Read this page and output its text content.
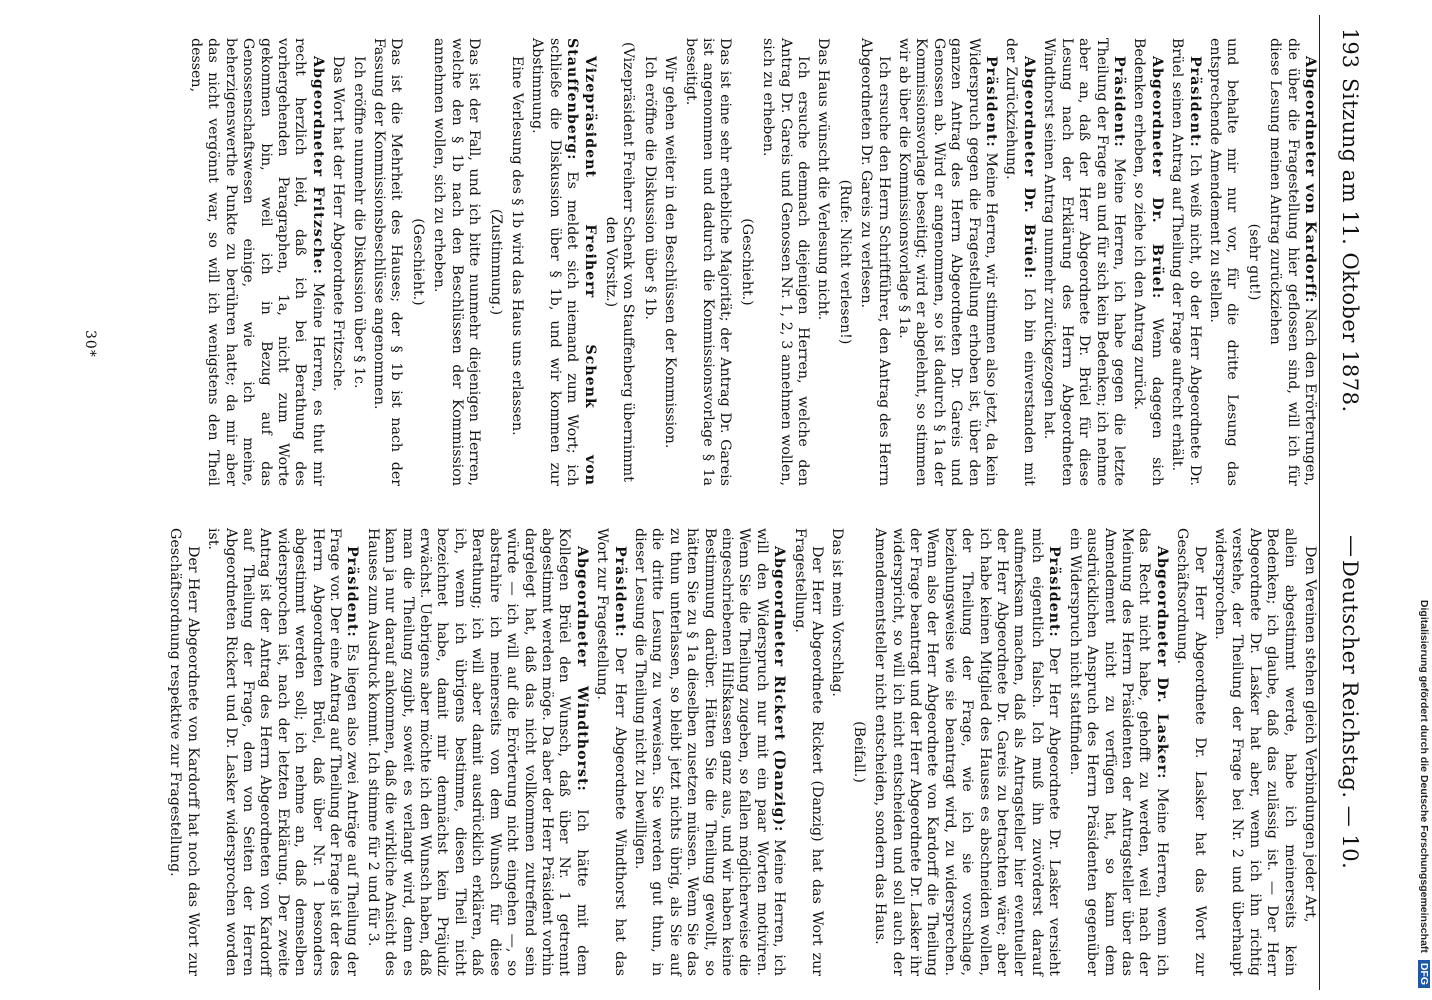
193
Sitzung am 11. Oktober 1878.
—
Deutscher Reichstag. — 10.

Abgeordneter von Kardorff: Nach den Erörterungen, die über die Fragestellung hier geflossen sind, will ich für diese Lesung meinen Antrag zurückziehen

(sehr gut!)

und behalte mir nur vor, für die dritte Lesung das entsprechende Amendement zu stellen.

Präsident: Ich weiß nicht, ob der Herr Abgeordnete Dr. Brüel seinen Antrag auf Theilung der Frage aufrecht erhält.

Abgeordneter Dr. Brüel: Wenn dagegen sich Bedenken erheben, so ziehe ich den Antrag zurück.

Präsident: Meine Herren, ich habe gegen die letzte Theilung der Frage an und für sich kein Bedenken; ich nehme aber an, daß der Herr Abgeordnete Dr. Brüel für diese Lesung nach der Erklärung des Herrn Abgeordneten Windthorst seinen Antrag nunmehr zurückgezogen hat.

Abgeordneter Dr. Brüel: Ich bin einverstanden mit der Zurückziehung.

Präsident: Meine Herren, wir stimmen also jetzt, da kein Widerspruch gegen die Fragestellung erhoben ist, über den ganzen Antrag des Herrn Abgeordneten Dr. Gareis und Genossen ab. Wird er angenommen, so ist dadurch § 1a der Kommissionsvorlage beseitigt; wird er abgelehnt, so stimmen wir ab über die Kommissionsvorlage § 1a.

Ich ersuche den Herrn Schriftführer, den Antrag des Herrn Abgeordneten Dr. Gareis zu verlesen.

(Rufe: Nicht verlesen!)

Das Haus wünscht die Verlesung nicht.

Ich ersuche demnach diejenigen Herren, welche den Antrag Dr. Gareis und Genossen Nr. 1, 2, 3 annehmen wollen, sich zu erheben.

(Geschieht.)

Das ist eine sehr erhebliche Majorität; der Antrag Dr. Gareis ist angenommen und dadurch die Kommissionsvorlage § 1a beseitigt.

Wir gehen weiter in den Beschlüssen der Kommission.

Ich eröffne die Diskussion über § 1b.

(Vizepräsident Freiherr Schenk von Stauffenberg übernimmt den Vorsitz.)

Vizepräsident Freiherr Schenk von Stauffenberg: Es meldet sich niemand zum Wort; ich schließe die Diskussion über § 1b, und wir kommen zur Abstimmung.

Eine Verlesung des § 1b wird das Haus uns erlassen.

(Zustimmung.)

Das ist der Fall, und ich bitte nunmehr diejenigen Herren, welche den § 1b nach den Beschlüssen der Kommission annehmen wollen, sich zu erheben.

(Geschieht.)

Das ist die Mehrheit des Hauses; der § 1b ist nach der Fassung der Kommissionsbeschlüsse angenommen.

Ich eröffne nunmehr die Diskussion über § 1c.

Das Wort hat der Herr Abgeordnete Fritzsche.

Abgeordneter Fritzsche: Meine Herren, es thut mir recht herzlich leid, daß ich bei Berathung des vorhergehenden Paragraphen, 1a, nicht zum Worte gekommen bin, weil ich in Bezug auf das Genossenschaftswesen einige, wie ich meine, beherzigenswerthe Punkte zu berühren hatte; da mir aber das nicht vergönnt war, so will ich wenigstens den Theil dessen,

Den Vereinen stehen gleich Verbindungen jeder Art,

allein abgestimmt werde, habe ich meinerseits kein Bedenken; ich glaube, daß das zulässig ist. — Der Herr Abgeordnete Dr. Lasker hat aber, wenn ich ihn richtig verstehe, der Theilung der Frage bei Nr. 2 und überhaupt widersprochen.

Der Herr Abgeordnete Dr. Lasker hat das Wort zur Geschäftsordnung.

Abgeordneter Dr. Lasker: Meine Herren, wenn ich das Recht nicht habe, gehofft zu werden, weil nach der Meinung des Herrn Präsidenten der Antragsteller über das Amendement nicht zu verfügen hat, so kann dem ausdrücklichen Anspruch des Herrn Präsidenten gegenüber ein Widerspruch nicht stattfinden.

Präsident: Der Herr Abgeordnete Dr. Lasker versieht mich eigentlich falsch. Ich muß ihn zuvörderst darauf aufmerksam machen, daß als Antragsteller hier eventueller der Herr Abgeordnete Dr. Gareis zu betrachten wäre; aber ich habe keinen Mitglied des Hauses es abschneiden wollen, der Theilung der Frage, wie ich sie vorschlage, beziehungsweise wie sie beantragt wird, zu widersprechen. Wenn also der Herr Abgeordnete von Kardorff die Theilung der Frage beantragt und der Herr Abgeordnete Dr. Lasker ihr widerspricht, so will ich nicht entscheiden und soll auch der Amendementsteller nicht entscheiden, sondern das Haus.

(Beifall.)

Das ist mein Vorschlag.

Der Herr Abgeordnete Rickert (Danzig) hat das Wort zur Fragestellung.

Abgeordneter Rickert (Danzig): Meine Herren, ich will den Widerspruch nur mit ein paar Worten motiviren. Wenn Sie die Theilung zugeben, so fallen möglicherweise die eingeschriebenen Hilfskassen ganz aus, und wir haben keine Bestimmung darüber. Hätten Sie die Theilung gewollt, so hätten Sie zu § 1a dieselben zusetzen müssen. Wenn Sie das zu thun unterlassen, so bleibt jetzt nichts übrig, als Sie auf die dritte Lesung zu verweisen. Sie werden gut thun, in dieser Lesung die Theilung nicht zu bewilligen.

Präsident: Der Herr Abgeordnete Windthorst hat das Wort zur Fragestellung.

Abgeordneter Windthorst: Ich hätte mit dem Kollegen Brüel den Wunsch, daß über Nr. 1 getrennt abgestimmt werden möge. Da aber der Herr Präsident vorhin dargelegt hat, daß das nicht vollkommen zutreffend sein würde — ich will auf die Erörterung nicht eingehen —, so abstrahire ich meinerseits von dem Wunsch für diese Berathung; ich will aber damit ausdrücklich erklären, daß ich, wenn ich übrigens bestimme, diesen Theil nicht bezeichnet habe, damit mir demnächst kein Präjudiz erwächst. Uebrigens aber möchte ich den Wunsch haben, daß man die Theilung zugibt, soweit es verlangt wird, denn es kann ja nur darauf ankommen, daß die wirkliche Ansicht des Hauses zum Ausdruck kommt. Ich stimme für 2 und für 3.

Präsident: Es liegen also zwei Anträge auf Theilung der Frage vor. Der eine Antrag auf Theilung der Frage ist der des Herrn Abgeordneten Brüel, daß über Nr. 1 besonders abgestimmt werden soll; ich nehme an, daß demselben widersprochen ist, nach der letzten Erklärung. Der zweite Antrag ist der Antrag des Herrn Abgeordneten von Kardorff auf Theilung der Frage, dem von Seiten der Herren Abgeordneten Rickert und Dr. Lasker widersprochen worden ist.

Der Herr Abgeordnete von Kardorff hat noch das Wort zur Geschäftsordnung respektive zur Fragestellung.

30*
Digitalisierung gefördert durch die Deutsche Forschungsgemeinschaft DFG
